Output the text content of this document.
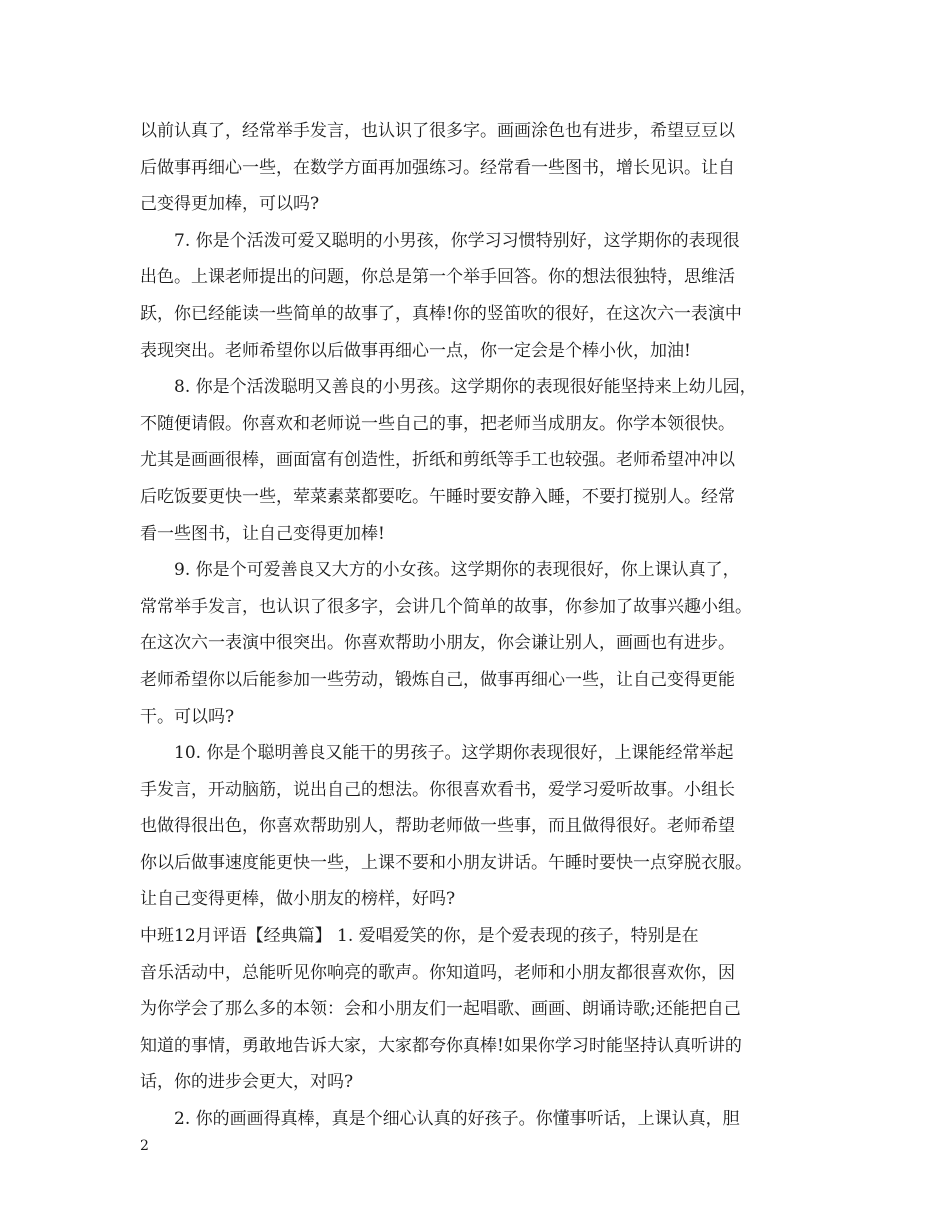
以前认真了，经常举手发言，也认识了很多字。画画涂色也有进步，希望豆豆以
后做事再细心一些，在数学方面再加强练习。经常看一些图书，增长见识。让自
己变得更加棒，可以吗?
7. 你是个活泼可爱又聪明的小男孩，你学习习惯特别好，这学期你的表现很
出色。上课老师提出的问题，你总是第一个举手回答。你的想法很独特，思维活
跃，你已经能读一些简单的故事了，真棒!你的竖笛吹的很好，在这次六一表演中
表现突出。老师希望你以后做事再细心一点，你一定会是个棒小伙，加油!
8. 你是个活泼聪明又善良的小男孩。这学期你的表现很好能坚持来上幼儿园，
不随便请假。你喜欢和老师说一些自己的事，把老师当成朋友。你学本领很快。
尤其是画画很棒，画面富有创造性，折纸和剪纸等手工也较强。老师希望冲冲以
后吃饭要更快一些，荤菜素菜都要吃。午睡时要安静入睡，不要打搅别人。经常
看一些图书，让自己变得更加棒!
9. 你是个可爱善良又大方的小女孩。这学期你的表现很好，你上课认真了，
常常举手发言，也认识了很多字，会讲几个简单的故事，你参加了故事兴趣小组。
在这次六一表演中很突出。你喜欢帮助小朋友，你会谦让别人，画画也有进步。
老师希望你以后能参加一些劳动，锻炼自己，做事再细心一些，让自己变得更能
干。可以吗?
10. 你是个聪明善良又能干的男孩子。这学期你表现很好，上课能经常举起
手发言，开动脑筋，说出自己的想法。你很喜欢看书，爱学习爱听故事。小组长
也做得很出色，你喜欢帮助别人，帮助老师做一些事，而且做得很好。老师希望
你以后做事速度能更快一些，上课不要和小朋友讲话。午睡时要快一点穿脱衣服。
让自己变得更棒，做小朋友的榜样，好吗?
中班12月评语【经典篇】 1. 爱唱爱笑的你，是个爱表现的孩子，特别是在
音乐活动中，总能听见你响亮的歌声。你知道吗，老师和小朋友都很喜欢你，因
为你学会了那么多的本领：会和小朋友们一起唱歌、画画、朗诵诗歌;还能把自己
知道的事情，勇敢地告诉大家，大家都夸你真棒!如果你学习时能坚持认真听讲的
话，你的进步会更大，对吗?
2. 你的画画得真棒，真是个细心认真的好孩子。你懂事听话，上课认真，胆
2
